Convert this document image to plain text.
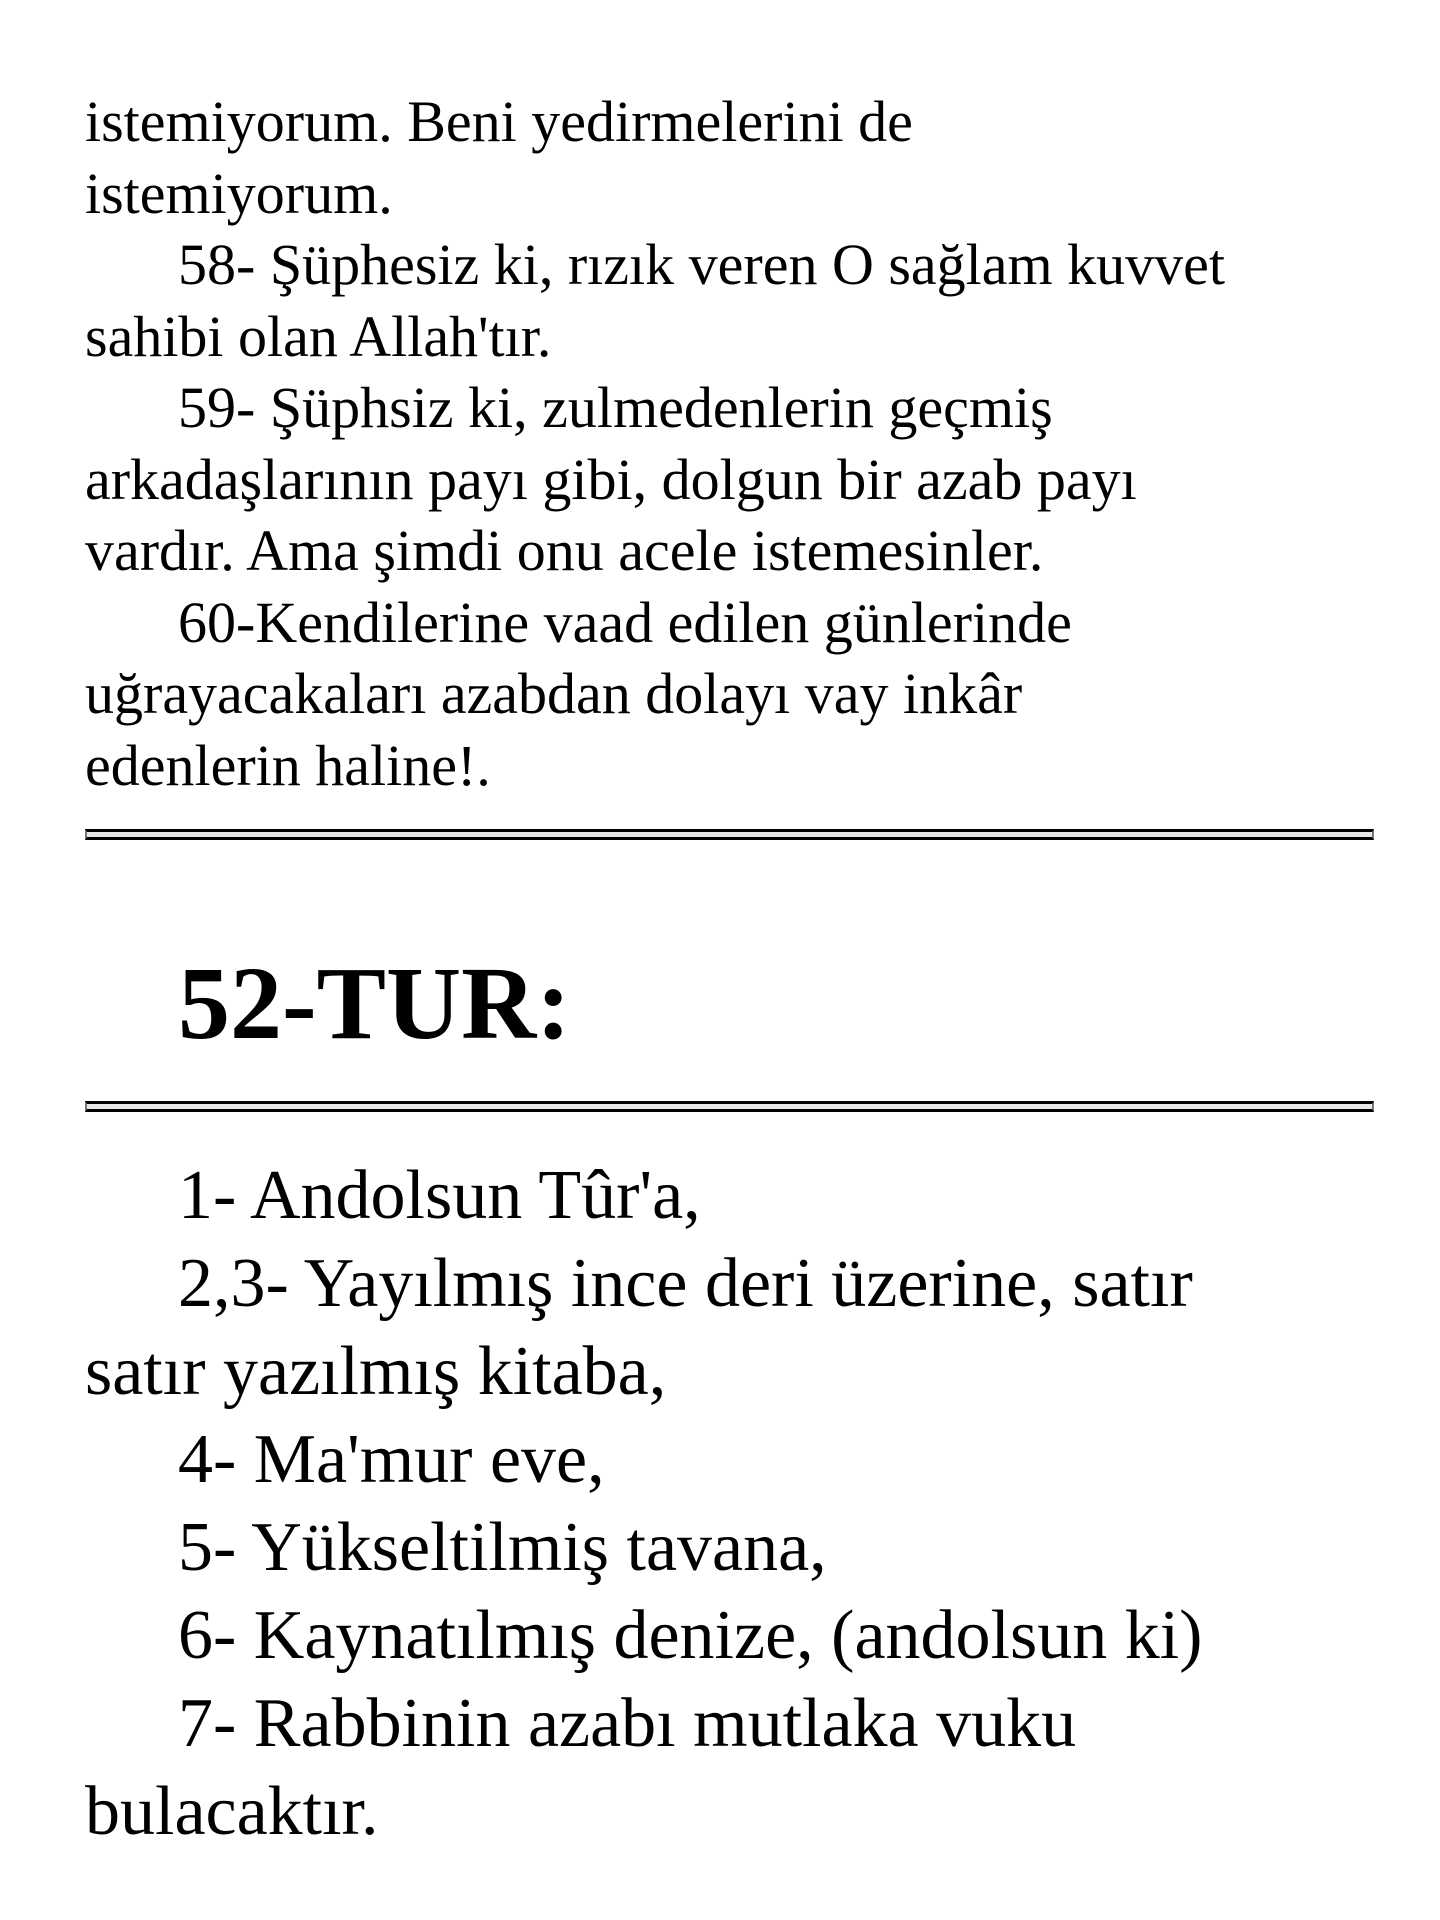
istemiyorum. Beni yedirmelerini de

istemiyorum.

58- Şüphesiz ki, rızık veren O sağlam kuvvet

sahibi olan Allah'tır.

59- Şüphsiz ki, zulmedenlerin geçmiş

arkadaşlarının payı gibi, dolgun bir azab payı

vardır. Ama şimdi onu acele istemesinler.

60-Kendilerine vaad edilen günlerinde

uğrayacakaları azabdan dolayı vay inkâr

edenlerin haline!.

52-TUR:

1- Andolsun Tûr'a,

2,3- Yayılmış ince deri üzerine, satır

satır yazılmış kitaba,

4- Ma'mur eve,

5- Yükseltilmiş tavana,

6- Kaynatılmış denize, (andolsun ki)

7- Rabbinin azabı mutlaka vuku

bulacaktır.
